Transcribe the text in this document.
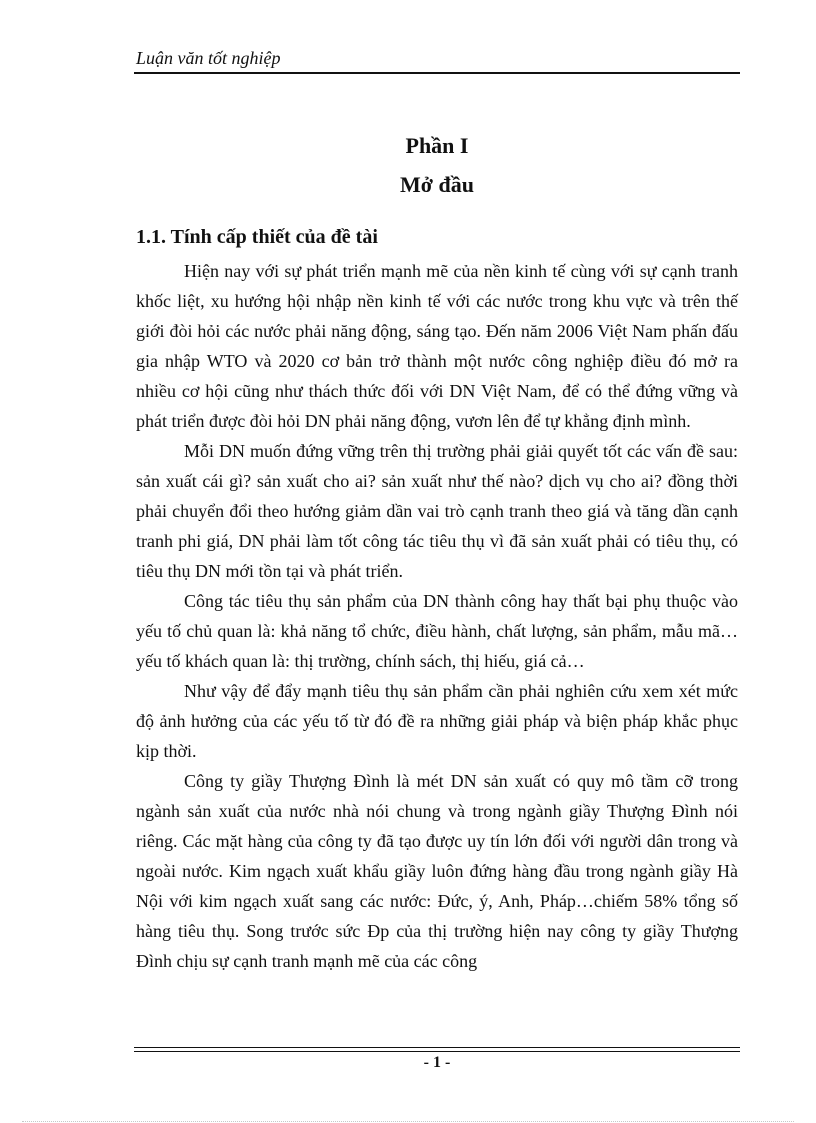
Luận văn tốt nghiệp
Phần I
Mở đầu
1.1. Tính cấp thiết của đề tài

Hiện nay với sự phát triển mạnh mẽ của nền kinh tế cùng với sự cạnh tranh khốc liệt, xu hướng hội nhập nền kinh tế với các nước trong khu vực và trên thế giới đòi hỏi các nước phải năng động, sáng tạo. Đến năm 2006 Việt Nam phấn đấu gia nhập WTO và 2020 cơ bản trở thành một nước công nghiệp điều đó mở ra nhiều cơ hội cũng như thách thức đối với DN Việt Nam, để có thể đứng vững và phát triển được đòi hỏi DN phải năng động, vươn lên để tự khẳng định mình.

Mỗi DN muốn đứng vững trên thị trường phải giải quyết tốt các vấn đề sau: sản xuất cái gì? sản xuất cho ai? sản xuất như thế nào? dịch vụ cho ai? đồng thời phải chuyển đổi theo hướng giảm dần vai trò cạnh tranh theo giá và tăng dần cạnh tranh phi giá, DN phải làm tốt công tác tiêu thụ vì đã sản xuất phải có tiêu thụ, có tiêu thụ DN mới tồn tại và phát triển.

Công tác tiêu thụ sản phẩm của DN thành công hay thất bại phụ thuộc vào yếu tố chủ quan là: khả năng tổ chức, điều hành, chất lượng, sản phẩm, mẫu mã… yếu tố khách quan là: thị trường, chính sách, thị hiếu, giá cả…

Như vậy để đẩy mạnh tiêu thụ sản phẩm cần phải nghiên cứu xem xét mức độ ảnh hưởng của các yếu tố từ đó đề ra những giải pháp và biện pháp khắc phục kịp thời.

Công ty giầy Thượng Đình là mét DN sản xuất có quy mô tầm cỡ trong ngành sản xuất của nước nhà nói chung và trong ngành giầy Thượng Đình nói riêng. Các mặt hàng của công ty đã tạo được uy tín lớn đối với người dân trong và ngoài nước. Kim ngạch xuất khẩu giầy luôn đứng hàng đầu trong ngành giầy Hà Nội với kim ngạch xuất sang các nước: Đức, ý, Anh, Pháp…chiếm 58% tổng số hàng tiêu thụ. Song trước sức Đp của thị trường hiện nay công ty giầy Thượng Đình chịu sự cạnh tranh mạnh mẽ của các công

- 1 -
